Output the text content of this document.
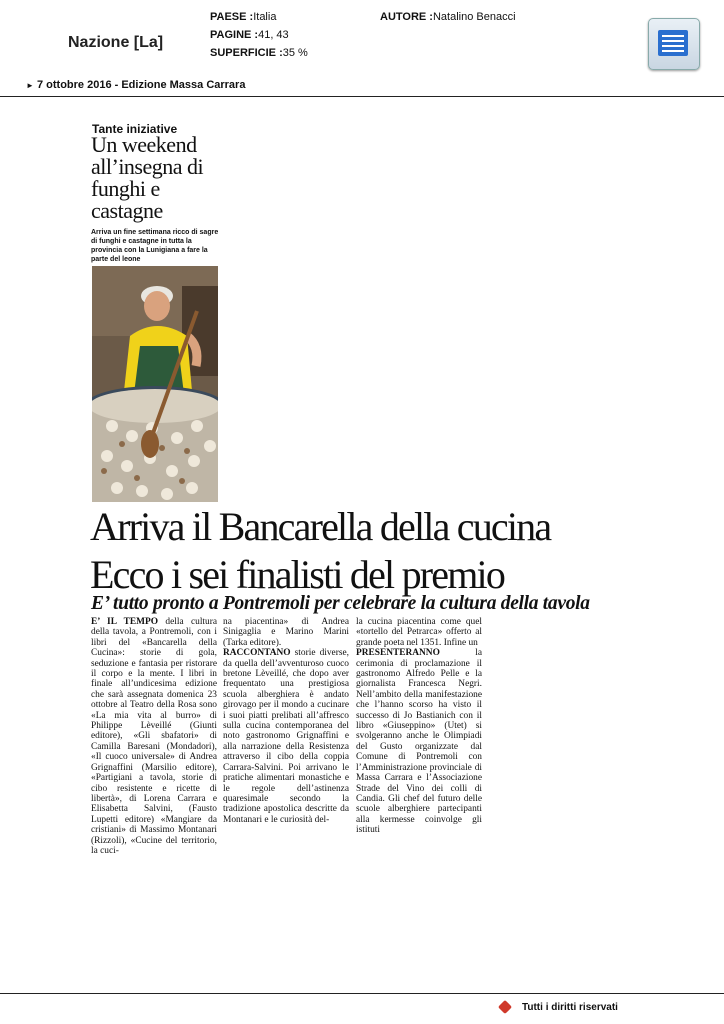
Nazione [La]
PAESE :Italia
PAGINE :41, 43
SUPERFICIE :35 %
AUTORE :Natalino Benacci
► 7 ottobre 2016 - Edizione Massa Carrara
Tante iniziative
Un weekend all’insegna di funghi e castagne
Arriva un fine settimana ricco di sagre di funghi e castagne in tutta la provincia con la Lunigiana a fare la parte del leone
Arriva il Bancarella della cucina
Ecco i sei finalisti del premio
E’ tutto pronto a Pontremoli per celebrare la cultura della tavola

E’ IL TEMPO della cultura della tavola, a Pontremoli, con i libri del «Bancarella della Cucina»: storie di gola, seduzione e fantasia per ristorare il corpo e la mente. I libri in finale all’undicesima edizione che sarà assegnata domenica 23 ottobre al Teatro della Rosa sono «La mia vita al burro» di Philippe Lèveillé (Giunti editore), «Gli sbafatori» di Camilla Baresani (Mondadori), «Il cuoco universale» di Andrea Grignaffini (Marsilio editore), «Partigiani a tavola, storie di cibo resistente e ricette di libertà», di Lorena Carrara e Elisabetta Salvini, (Fausto Lupetti editore) «Mangiare da cristiani» di Massimo Montanari (Rizzoli), «Cucine del territorio, la cuci-

na piacentina» di Andrea Sinigaglia e Marino Marini (Tarka editore).

RACCONTANO storie diverse, da quella dell’avventuroso cuoco bretone Lèveillé, che dopo aver frequentato una prestigiosa scuola alberghiera è andato girovago per il mondo a cucinare i suoi piatti prelibati all’affresco sulla cucina contemporanea del noto gastronomo Grignaffini e alla narrazione della Resistenza attraverso il cibo della coppia Carrara-Salvini. Poi arrivano le pratiche alimentari monastiche e le regole dell’astinenza quaresimale secondo la tradizione apostolica descritte da Montanari e le curiosità del-

la cucina piacentina come quel «tortello del Petrarca» offerto al grande poeta nel 1351. Infine un

PRESENTERANNO la cerimonia di proclamazione il gastronomo Alfredo Pelle e la giornalista Francesca Negri. Nell’ambito della manifestazione che l’hanno scorso ha visto il successo di Jo Bastianich con il libro «Giuseppino» (Utet) si svolgeranno anche le Olimpiadi del Gusto organizzate dal Comune di Pontremoli con l’Amministrazione provinciale di Massa Carrara e l’Associazione Strade del Vino dei colli di Candia. Gli chef del futuro delle scuole alberghiere partecipanti alla kermesse coinvolge gli istituti

Tutti i diritti riservati
